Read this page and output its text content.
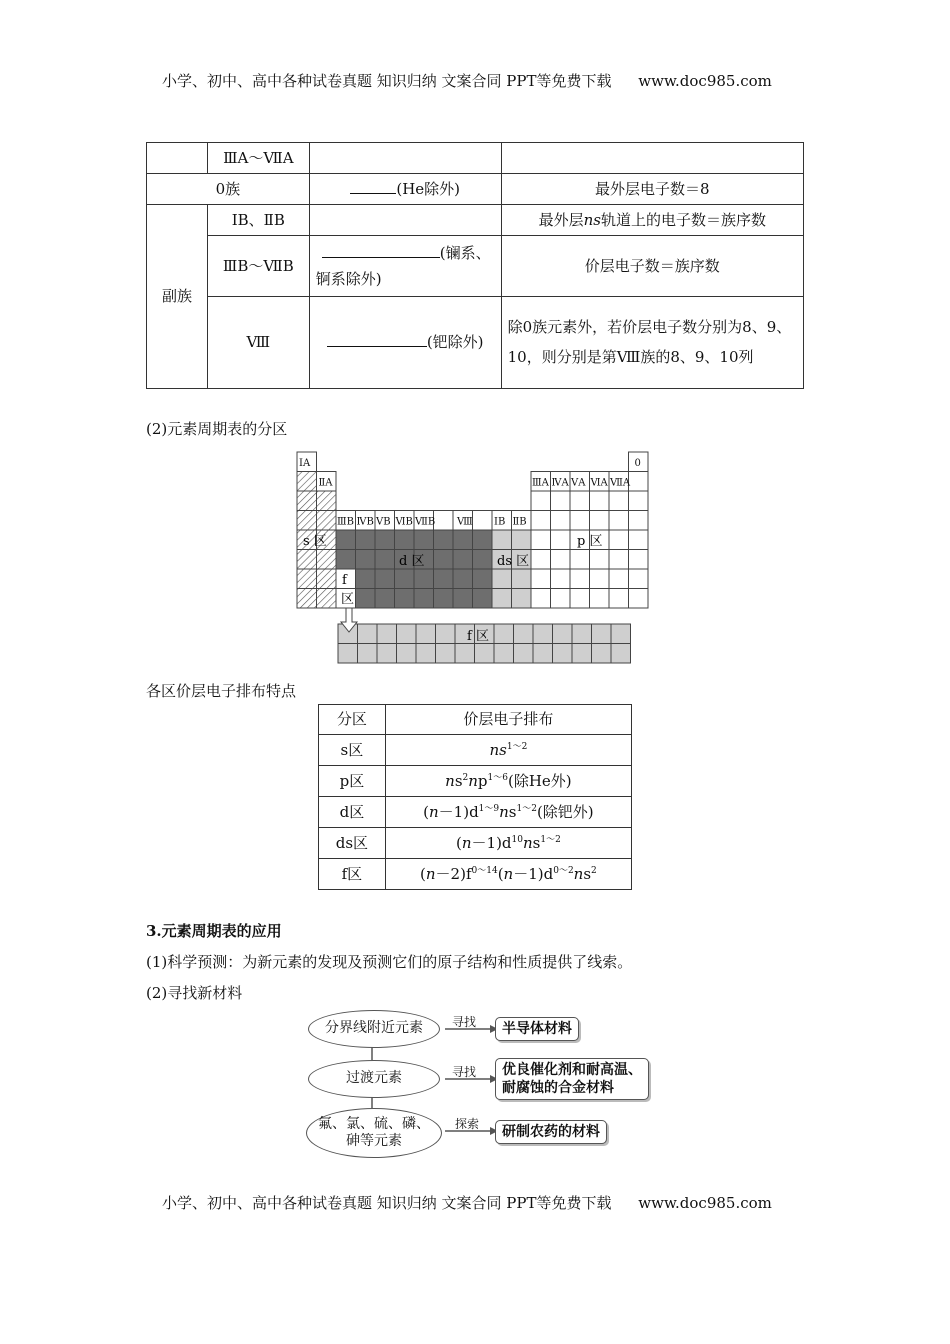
小学、初中、高中各种试卷真题 知识归纳 文案合同 PPT等免费下载 www.doc985.com
	ⅢA～ⅦA		
0族		(He除外)	最外层电子数＝8
副族	ⅠB、ⅡB		最外层ns轨道上的电子数＝族序数
	ⅢB～ⅦB	(镧系、
锕系除外)	价层电子数＝族序数
	Ⅷ	(钯除外)	除0族元素外，若价层电子数分别为8、9、10，则分别是第Ⅷ族的8、9、10列
(2)元素周期表的分区
ⅠA
ⅡA
0
ⅢA ⅣA ⅤA ⅥA ⅦA
ⅢB ⅣB ⅤB ⅥB ⅦB Ⅷ ⅠB ⅡB
s 区
d 区	ds 区
p 区
f
区
f 区
各区价层电子排布特点
分区	价层电子排布
s区	$ns^{1\sim 2}$
p区	$ns^2np^{1\sim 6}$(除He外)
d区	$(n-1)d^{1\sim 9}ns^{1\sim 2}$(除钯外)
ds区	$(n-1)d^{10}ns^{1\sim 2}$
f区	$(n-2)f^{0\sim 14}(n-1)d^{0\sim 2}ns^2$
3.元素周期表的应用
(1)科学预测：为新元素的发现及预测它们的原子结构和性质提供了线索。
(2)寻找新材料
分界线附近元素
过渡元素
氟、氯、硫、磷、
砷等元素
寻找
寻找
探索
半导体材料
优良催化剂和耐高温、
耐腐蚀的合金材料
研制农药的材料
小学、初中、高中各种试卷真题 知识归纳 文案合同 PPT等免费下载 www.doc985.com
